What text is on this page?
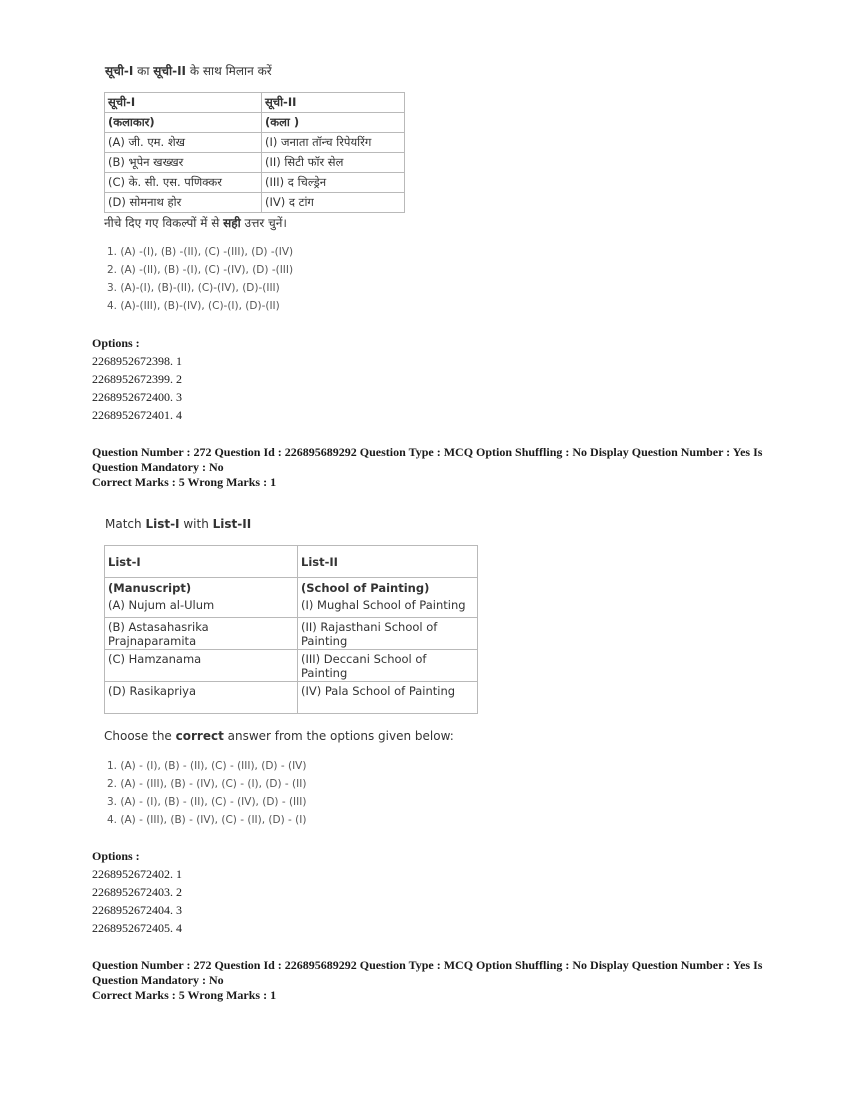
सूची-I का सूची-II के साथ मिलान करें
सूची-I	सूची-II
(कलाकार)	(कला )
(A) जी. एम. शेख	(I) जनाता तॉन्च रिपेयरिंग
(B) भूपेन खख्खर	(II) सिटी फॉर सेल
(C) के. सी. एस. पणिक्कर	(III) द चिल्ड्रेन
(D) सोमनाथ होर	(IV) द टांग
नीचे दिए गए विकल्पों में से सही उत्तर चुनें।
1. (A) -(I), (B) -(II), (C) -(III), (D) -(IV)
2. (A) -(II), (B) -(I), (C) -(IV), (D) -(III)
3. (A)-(I), (B)-(II), (C)-(IV), (D)-(III)
4. (A)-(III), (B)-(IV), (C)-(I), (D)-(II)
Options :
2268952672398. 1
2268952672399. 2
2268952672400. 3
2268952672401. 4
Question Number : 272 Question Id : 226895689292 Question Type : MCQ Option Shuffling : No Display Question Number : Yes Is Question Mandatory : No
Correct Marks : 5 Wrong Marks : 1
Match List-I with List-II
List-I	List-II
(Manuscript)	(School of Painting)
(A) Nujum al-Ulum	(I) Mughal School of Painting
(B) Astasahasrika Prajnaparamita	(II) Rajasthani School of Painting
(C) Hamzanama	(III) Deccani School of Painting
(D) Rasikapriya	(IV) Pala School of Painting
Choose the correct answer from the options given below:
1. (A) - (I), (B) - (II), (C) - (III), (D) - (IV)
2. (A) - (III), (B) - (IV), (C) - (I), (D) - (II)
3. (A) - (I), (B) - (II), (C) - (IV), (D) - (III)
4. (A) - (III), (B) - (IV), (C) - (II), (D) - (I)
Options :
2268952672402. 1
2268952672403. 2
2268952672404. 3
2268952672405. 4
Question Number : 272 Question Id : 226895689292 Question Type : MCQ Option Shuffling : No Display Question Number : Yes Is Question Mandatory : No
Correct Marks : 5 Wrong Marks : 1
